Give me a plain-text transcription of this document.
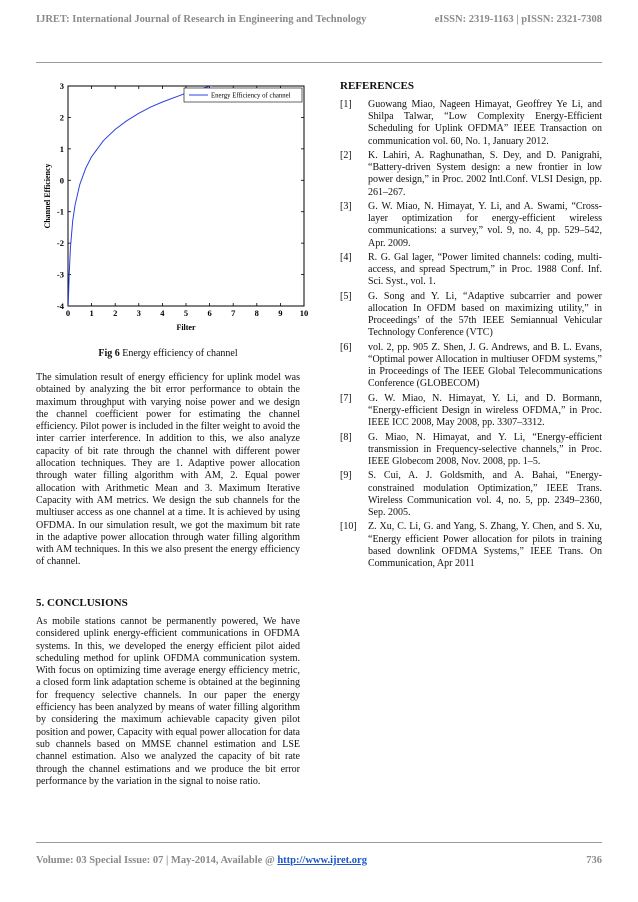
IJRET: International Journal of Research in Engineering and Technology	eISSN: 2319-1163 | pISSN: 2321-7308
0 1 2 3 4 5 6 7 8 9 10
-4
-3
-2
-1
0
1
2
3
Filter
Channel Efficiency
Energy Efficiency of channel
Fig 6 Energy efficiency of channel
The simulation result of energy efficiency for uplink model was obtained by analyzing the bit error performance to obtain the maximum throughput with varying noise power and we design the channel coefficient power for estimating the channel efficiency. Pilot power is included in the filter weight to avoid the inter carrier interference. In addition to this, we also analyze capacity of bit rate through the channel with different power allocation techniques. They are 1. Adaptive power allocation through water filling algorithm with AM, 2. Equal power allocation with Arithmetic Mean and 3. Maximum Iterative Capacity with AM metrics. We design the sub channels for the multiuser access as one channel at a time. It is achieved by using OFDMA. In our simulation result, we got the maximum bit rate in the adaptive power allocation through water filling algorithm with AM techniques. In this we also present the energy efficiency of channel.
5. CONCLUSIONS
As mobile stations cannot be permanently powered, We have considered uplink energy-efficient communications in OFDMA systems. In this, we developed the energy efficient pilot aided scheduling method for uplink OFDMA communication system. With focus on optimizing time average energy efficiency metric, a closed form link adaptation scheme is obtained at the beginning for frequency selective channels. In our paper the energy efficiency has been analyzed by means of water filling algorithm by considering the maximum achievable capacity given pilot position and power, Capacity with equal power allocation for data sub channels based on MMSE channel estimation and LSE channel estimation. Also we analyzed the capacity of bit rate through the channel estimations and we produce the bit error performance by the variation in the signal to noise ratio.
REFERENCES
[1]	Guowang Miao, Nageen Himayat, Geoffrey Ye Li, and Shilpa Talwar, “Low Complexity Energy-Efficient Scheduling for Uplink OFDMA” IEEE Transaction on communication vol. 60, No. 1, January 2012.
[2]	K. Lahiri, A. Raghunathan, S. Dey, and D. Panigrahi, “Battery-driven System design: a new frontier in low power design,” in Proc. 2002 Intl.Conf. VLSI Design, pp. 261–267.
[3]	G. W. Miao, N. Himayat, Y. Li, and A. Swami, “Cross-layer optimization for energy-efficient wireless communications: a survey,” vol. 9, no. 4, pp. 529–542, Apr. 2009.
[4]	R. G. Gal lager, “Power limited channels: coding, multi-access, and spread Spectrum,” in Proc. 1988 Conf. Inf. Sci. Syst., vol. 1.
[5]	G. Song and Y. Li, “Adaptive subcarrier and power allocation In OFDM based on maximizing utility,” in Proceedings’ of the 57th IEEE Semiannual Vehicular Technology Conference (VTC)
[6]	vol. 2, pp. 905 Z. Shen, J. G. Andrews, and B. L. Evans, “Optimal power Allocation in multiuser OFDM systems,” in Proceedings of The IEEE Global Telecommunications Conference (GLOBECOM)
[7]	G. W. Miao, N. Himayat, Y. Li, and D. Bormann, “Energy-efficient Design in wireless OFDMA,” in Proc. IEEE ICC 2008, May 2008, pp. 3307–3312.
[8]	G. Miao, N. Himayat, and Y. Li, “Energy-efficient transmission in Frequency-selective channels,” in Proc. IEEE Globecom 2008, Nov. 2008, pp. 1–5.
[9]	S. Cui, A. J. Goldsmith, and A. Bahai, “Energy-constrained modulation Optimization,” IEEE Trans. Wireless Communication vol. 4, no. 5, pp. 2349–2360, Sep. 2005.
[10]	Z. Xu, C. Li, G. and Yang, S. Zhang, Y. Chen, and S. Xu, “Energy efficient Power allocation for pilots in training based downlink OFDMA Systems,” IEEE Trans. On Communication, Apr 2011
Volume: 03 Special Issue: 07 | May-2014, Available @ http://www.ijret.org	736
